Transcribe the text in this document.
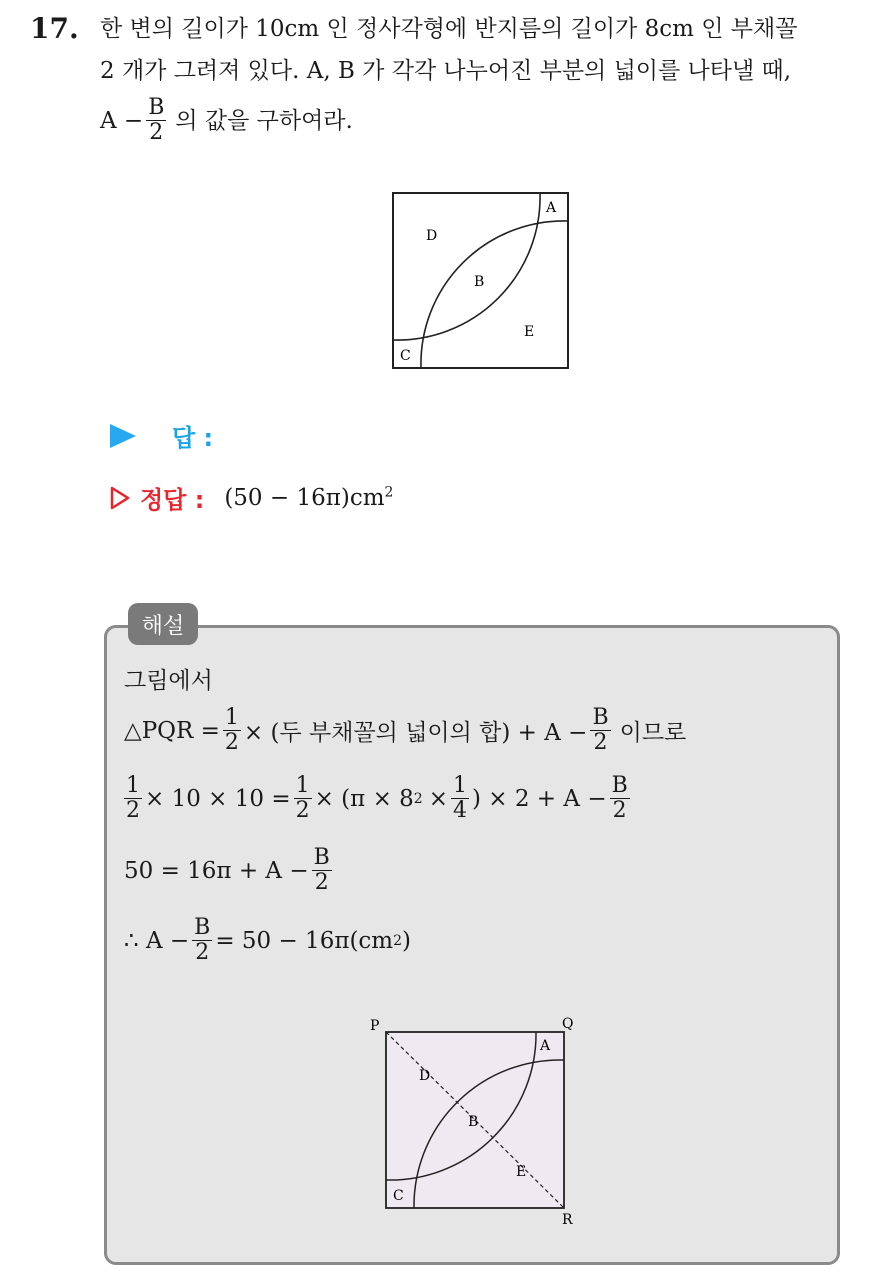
17. 한 변의 길이가 10cm 인 정사각형에 반지름의 길이가 8cm 인 부채꼴
2 개가 그려져 있다. A, B 가 각각 나누어진 부분의 넓이를 나타낼 때,
$A - \frac{B}{2}$ 의 값을 구하여라.
A
B
C
D
E
답 :
정답 : $(50 - 16\pi)cm^2$
해설
그림에서
△PQR = $\frac{1}{2}$ × (두 부채꼴의 넓이의 합) + $A - \frac{B}{2}$ 이므로
$\frac{1}{2} \times 10 \times 10 = \frac{1}{2} \times (\pi \times 8$ $2 \times \frac{1}{4}$ ) × $2 + A - \frac{B}{2}$
$50 = 16\pi + A - \frac{B}{2}$
∴ $A - \frac{B}{2} = 50 - 16\pi(cm$ 2 )
P	Q
R
A
B
C
D
E
